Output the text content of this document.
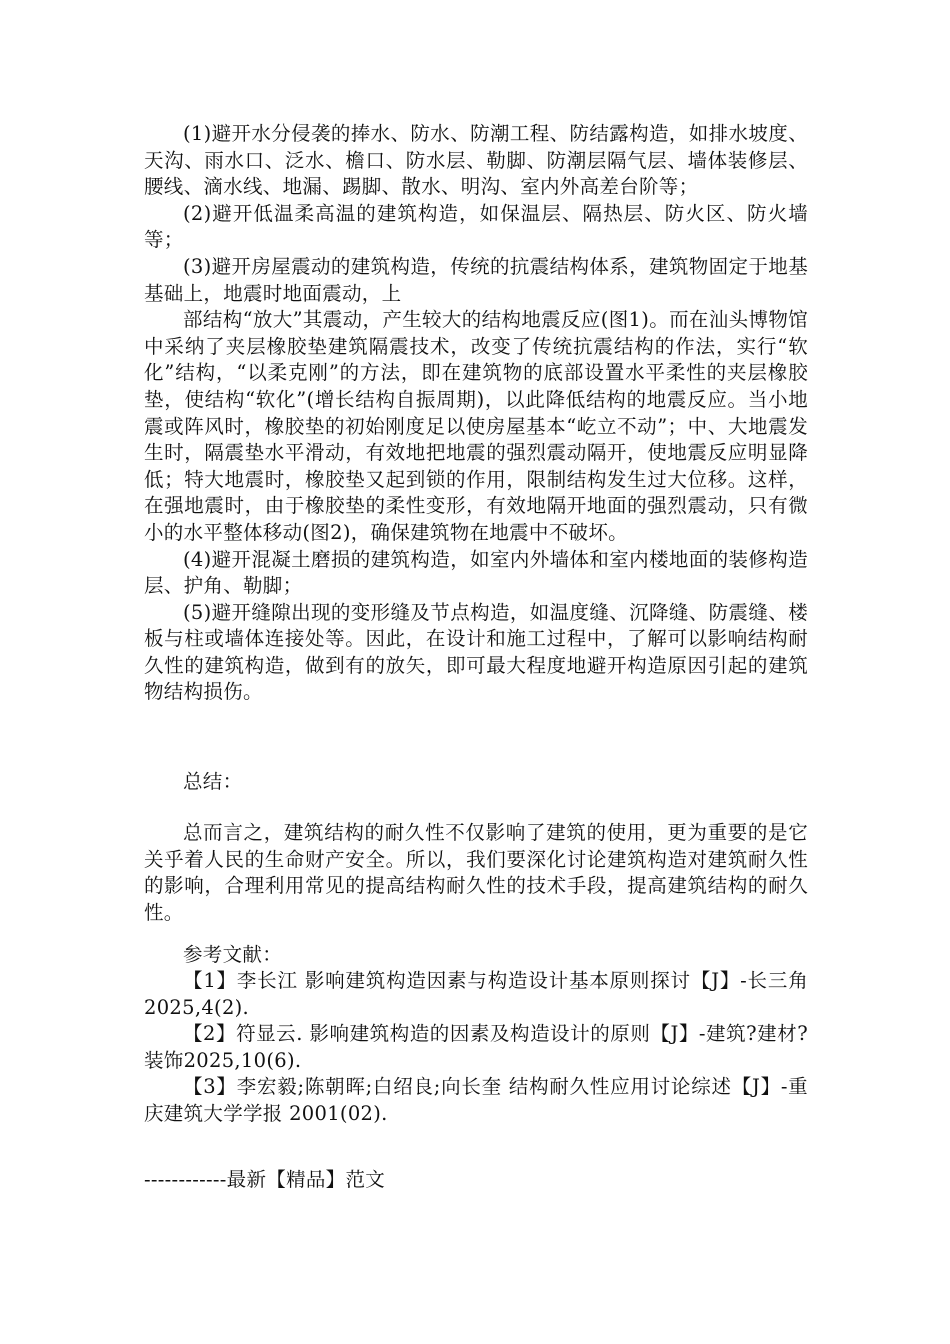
(1)避开水分侵袭的捧水、防水、防潮工程、防结露构造，如排水坡度、天沟、雨水口、泛水、檐口、防水层、勒脚、防潮层隔气层、墙体装修层、腰线、滴水线、地漏、踢脚、散水、明沟、室内外高差台阶等；

(2)避开低温柔高温的建筑构造，如保温层、隔热层、防火区、防火墙等；

(3)避开房屋震动的建筑构造，传统的抗震结构体系，建筑物固定于地基基础上，地震时地面震动，上

部结构“放大”其震动，产生较大的结构地震反应(图1)。而在汕头博物馆中采纳了夹层橡胶垫建筑隔震技术，改变了传统抗震结构的作法，实行“软化”结构，“以柔克刚”的方法，即在建筑物的底部设置水平柔性的夹层橡胶垫，使结构“软化”(增长结构自振周期)，以此降低结构的地震反应。当小地震或阵风时，橡胶垫的初始刚度足以使房屋基本“屹立不动”；中、大地震发生时，隔震垫水平滑动，有效地把地震的强烈震动隔开，使地震反应明显降低；特大地震时，橡胶垫又起到锁的作用，限制结构发生过大位移。这样，在强地震时，由于橡胶垫的柔性变形，有效地隔开地面的强烈震动，只有微小的水平整体移动(图2)，确保建筑物在地震中不破坏。

(4)避开混凝土磨损的建筑构造，如室内外墙体和室内楼地面的装修构造层、护角、勒脚；

(5)避开缝隙出现的变形缝及节点构造，如温度缝、沉降缝、防震缝、楼板与柱或墙体连接处等。因此，在设计和施工过程中，了解可以影响结构耐久性的建筑构造，做到有的放矢，即可最大程度地避开构造原因引起的建筑物结构损伤。

总结：

总而言之，建筑结构的耐久性不仅影响了建筑的使用，更为重要的是它关乎着人民的生命财产安全。所以，我们要深化讨论建筑构造对建筑耐久性的影响，合理利用常见的提高结构耐久性的技术手段，提高建筑结构的耐久性。

参考文献：

【1】李长江 影响建筑构造因素与构造设计基本原则探讨【J】-长三角2025,4(2).

【2】符显云. 影响建筑构造的因素及构造设计的原则【J】-建筑?建材?装饰2025,10(6).

【3】李宏毅;陈朝晖;白绍良;向长奎 结构耐久性应用讨论综述【J】-重庆建筑大学学报 2001(02).

------------最新【精品】范文
